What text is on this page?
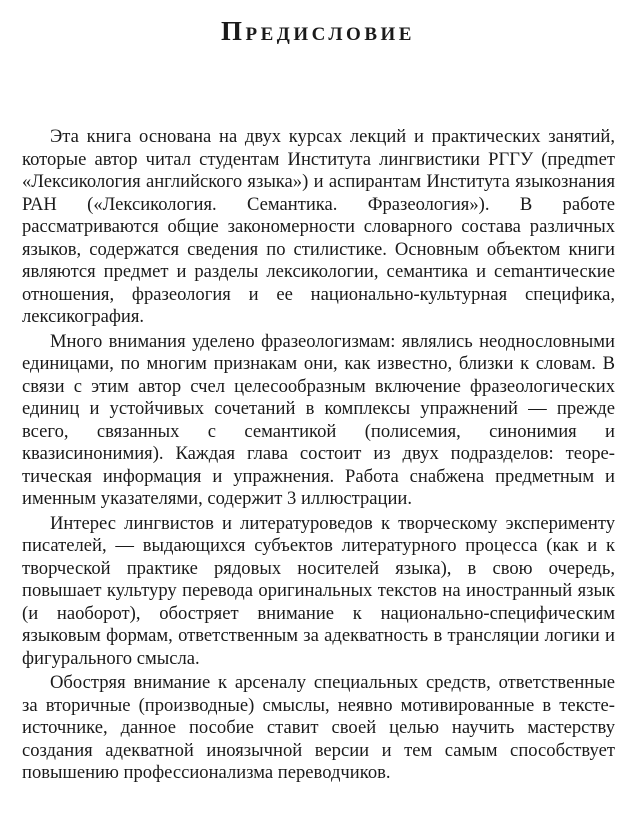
Предисловие

Эта книга основана на двух курсах лекций и практических занятий, которые автор читал студентам Института лингвистики РГГУ (предmет «Лексикология английского языка») и аспирантам Института языкознания РАН («Лексикология. Семантика. Фразеология»). В работе рассматриваются общие закономерности словарного состава различных языков, содержатся сведения по стилистике. Основным объектом книги являются предмет и разделы лексикологии, семантика и сеmантические отношения, фразеология и ее национально-культурная специфика, лексикография.

Много внимания уделено фразеологизмам: являлись неоднословными единицами, по многим признакам они, как известно, близки к словам. В связи с этим автор счел целесообразным включение фразеологических единиц и устойчивых сочетаний в комплексы упражнений — прежде всего, связанных с семантикой (полисемия, синонимия и квазисинонимия). Каждая глава состоит из двух подразделов: теоретическая информация и упражнения. Работа снабжена предметным и именным указателями, содержит 3 иллюстрации.

Интерес лингвистов и литературоведов к творческому эксперименту писателей, — выдающихся субъектов литературного процесса (как и к творческой практике рядовых носителей языка), в свою очередь, повышает культуру перевода оригинальных текстов на иностранный язык (и наоборот), обостряет внимание к национально-специфическим языковым формам, ответственным за адекватность в трансляции логики и фигурального смысла.

Обостряя внимание к арсеналу специальных средств, ответственные за вторичные (производные) смыслы, неявно мотивированные в тексте-источнике, данное пособие ставит своей целью научить мастерству создания адекватной иноязычной версии и тем самым способствует повышению профессионализма переводчиков.
